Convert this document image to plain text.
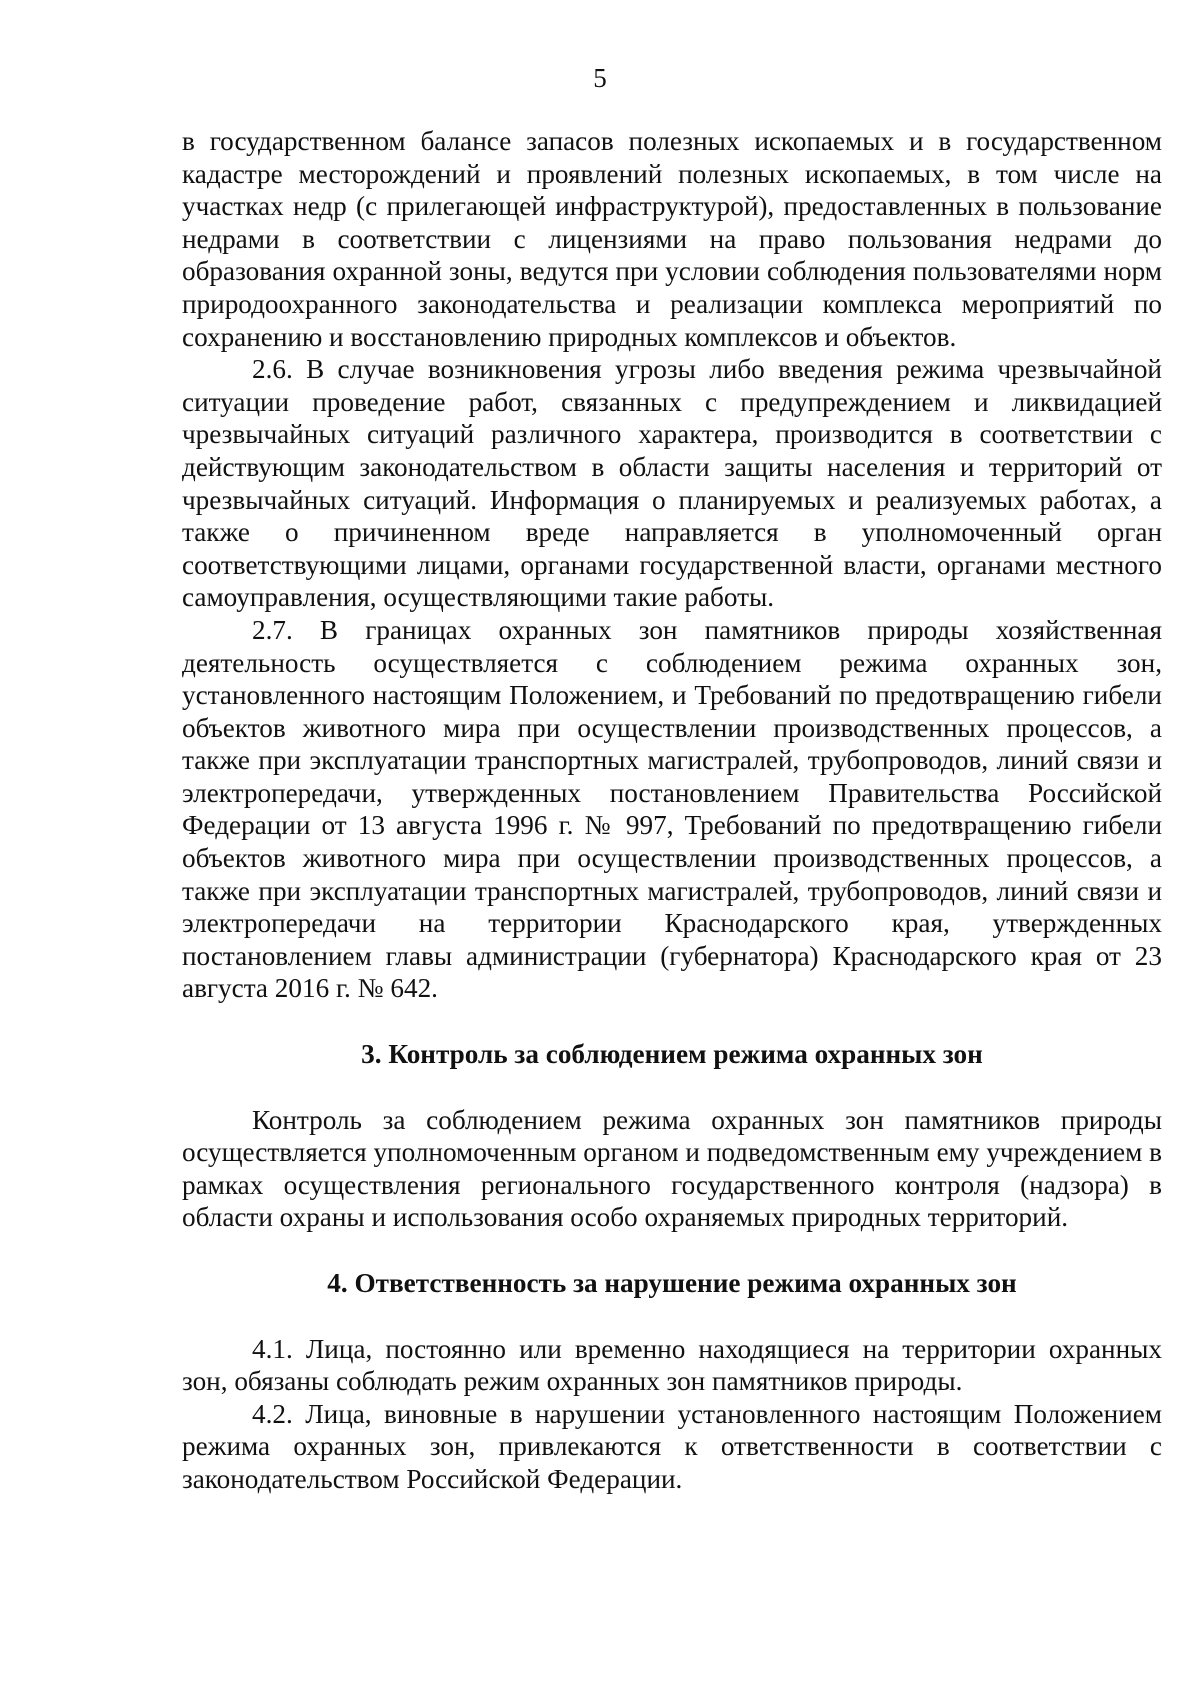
5

в государственном балансе запасов полезных ископаемых и в государственном кадастре месторождений и проявлений полезных ископаемых, в том числе на участках недр (с прилегающей инфраструктурой), предоставленных в пользование недрами в соответствии с лицензиями на право пользования недрами до образования охранной зоны, ведутся при условии соблюдения пользователями норм природоохранного законодательства и реализации комплекса мероприятий по сохранению и восстановлению природных комплексов и объектов.

2.6. В случае возникновения угрозы либо введения режима чрезвычайной ситуации проведение работ, связанных с предупреждением и ликвидацией чрезвычайных ситуаций различного характера, производится в соответствии с действующим законодательством в области защиты населения и территорий от чрезвычайных ситуаций. Информация о планируемых и реализуемых работах, а также о причиненном вреде направляется в уполномоченный орган соответствующими лицами, органами государственной власти, органами местного самоуправления, осуществляющими такие работы.

2.7. В границах охранных зон памятников природы хозяйственная деятельность осуществляется с соблюдением режима охранных зон, установленного настоящим Положением, и Требований по предотвращению гибели объектов животного мира при осуществлении производственных процессов, а также при эксплуатации транспортных магистралей, трубопроводов, линий связи и электропередачи, утвержденных постановлением Правительства Российской Федерации от 13 августа 1996 г. № 997, Требований по предотвращению гибели объектов животного мира при осуществлении производственных процессов, а также при эксплуатации транспортных магистралей, трубопроводов, линий связи и электропередачи на территории Краснодарского края, утвержденных постановлением главы администрации (губернатора) Краснодарского края от 23 августа 2016 г. № 642.

3. Контроль за соблюдением режима охранных зон

Контроль за соблюдением режима охранных зон памятников природы осуществляется уполномоченным органом и подведомственным ему учреждением в рамках осуществления регионального государственного контроля (надзора) в области охраны и использования особо охраняемых природных территорий.

4. Ответственность за нарушение режима охранных зон

4.1. Лица, постоянно или временно находящиеся на территории охранных зон, обязаны соблюдать режим охранных зон памятников природы.

4.2. Лица, виновные в нарушении установленного настоящим Положением режима охранных зон, привлекаются к ответственности в соответствии с законодательством Российской Федерации.
